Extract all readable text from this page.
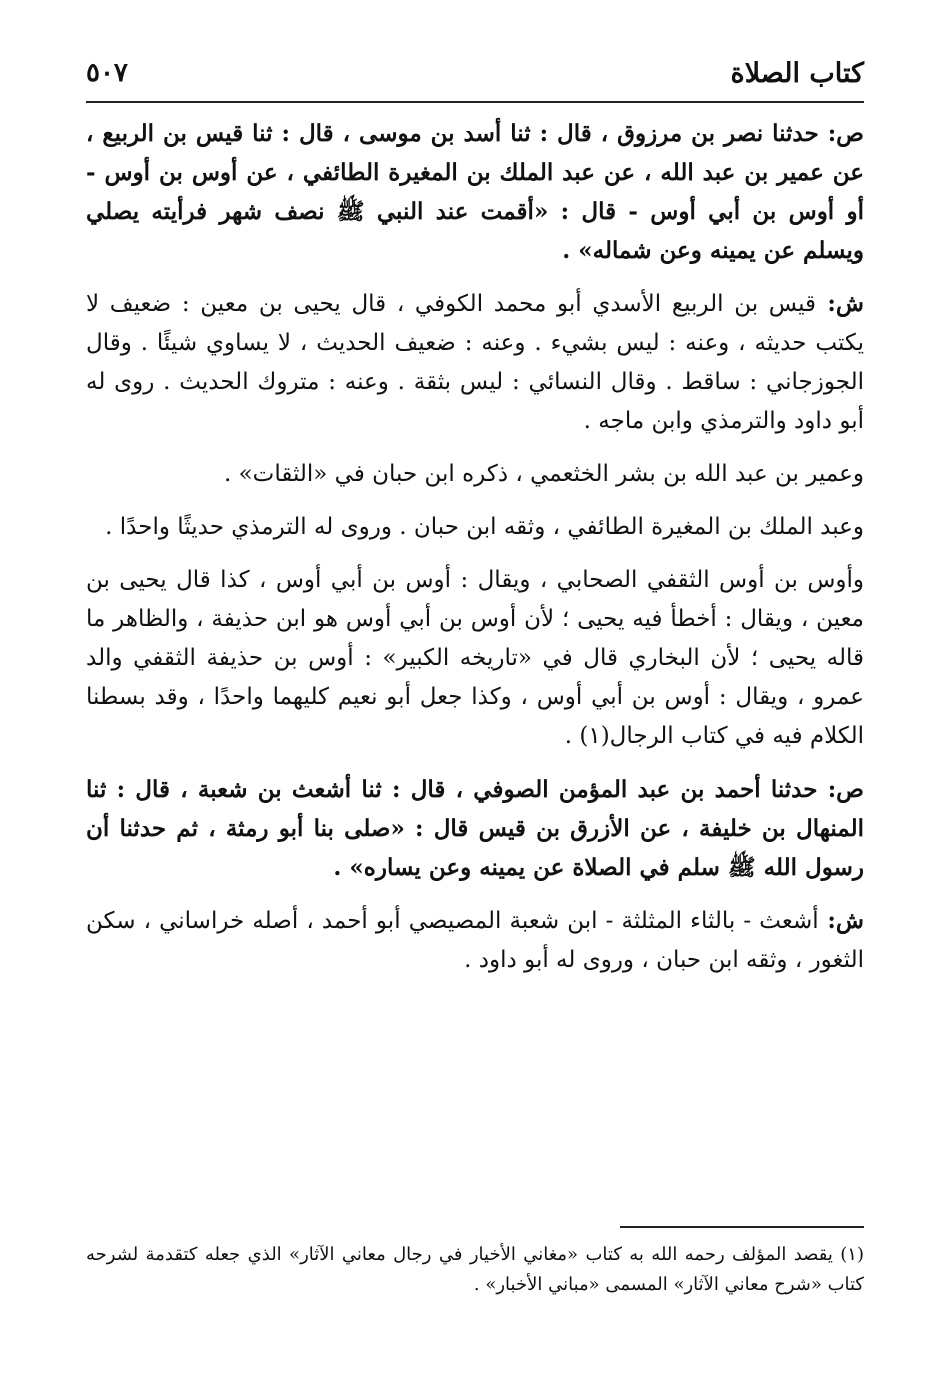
كتاب الصلاة
٥٠٧

ص: حدثنا نصر بن مرزوق ، قال : ثنا أسد بن موسى ، قال : ثنا قيس بن الربيع ، عن عمير بن عبد الله ، عن عبد الملك بن المغيرة الطائفي ، عن أوس بن أوس - أو أوس بن أبي أوس - قال : «أقمت عند النبي ﷺ نصف شهر فرأيته يصلي ويسلم عن يمينه وعن شماله» .

ش: قيس بن الربيع الأسدي أبو محمد الكوفي ، قال يحيى بن معين : ضعيف لا يكتب حديثه ، وعنه : ليس بشيء . وعنه : ضعيف الحديث ، لا يساوي شيئًا . وقال الجوزجاني : ساقط . وقال النسائي : ليس بثقة . وعنه : متروك الحديث . روى له أبو داود والترمذي وابن ماجه .

وعمير بن عبد الله بن بشر الخثعمي ، ذكره ابن حبان في «الثقات» .

وعبد الملك بن المغيرة الطائفي ، وثقه ابن حبان . وروى له الترمذي حديثًا واحدًا .

وأوس بن أوس الثقفي الصحابي ، ويقال : أوس بن أبي أوس ، كذا قال يحيى بن معين ، ويقال : أخطأ فيه يحيى ؛ لأن أوس بن أبي أوس هو ابن حذيفة ، والظاهر ما قاله يحيى ؛ لأن البخاري قال في «تاريخه الكبير» : أوس بن حذيفة الثقفي والد عمرو ، ويقال : أوس بن أبي أوس ، وكذا جعل أبو نعيم كليهما واحدًا ، وقد بسطنا الكلام فيه في كتاب الرجال(١) .

ص: حدثنا أحمد بن عبد المؤمن الصوفي ، قال : ثنا أشعث بن شعبة ، قال : ثنا المنهال بن خليفة ، عن الأزرق بن قيس قال : «صلى بنا أبو رمثة ، ثم حدثنا أن رسول الله ﷺ سلم في الصلاة عن يمينه وعن يساره» .

ش: أشعث - بالثاء المثلثة - ابن شعبة المصيصي أبو أحمد ، أصله خراساني ، سكن الثغور ، وثقه ابن حبان ، وروى له أبو داود .

(١) يقصد المؤلف رحمه الله به كتاب «مغاني الأخيار في رجال معاني الآثار» الذي جعله كتقدمة لشرحه كتاب «شرح معاني الآثار» المسمى «مباني الأخبار» .
